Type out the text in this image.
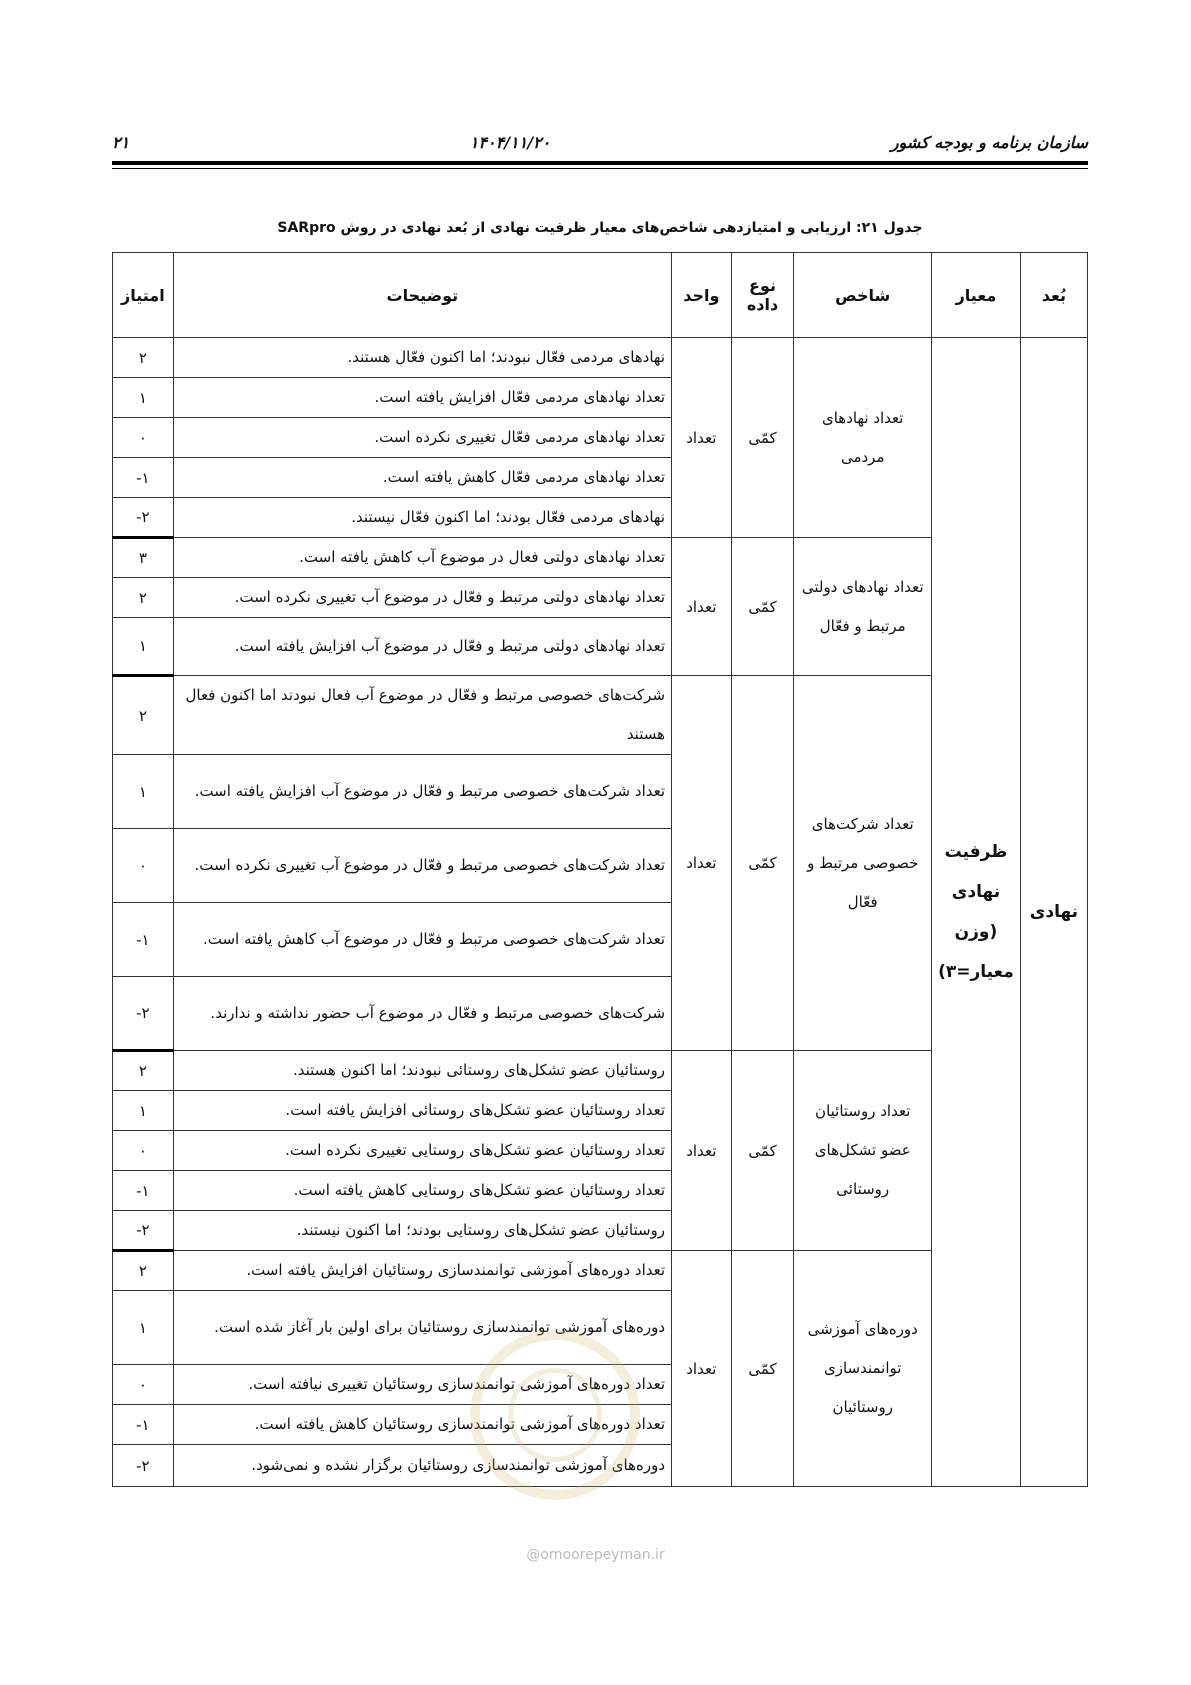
۲۱	۱۴۰۴/۱۱/۲۰	سازمان برنامه و بودجه کشور
جدول ۲۱: ارزیابی و امتیازدهی شاخص‌های معیار ظرفیت نهادی از بُعد نهادی در روش SARpro
بُعد	معیار	شاخص	نوع داده	واحد	توضیحات	امتیاز
نهادی	ظرفیت نهادی (وزن معیار=۳)	تعداد نهادهای مردمی	کمّی	تعداد	نهادهای مردمی فعّال نبودند؛ اما اکنون فعّال هستند.	۲
					تعداد نهادهای مردمی فعّال افزایش یافته است.	۱
					تعداد نهادهای مردمی فعّال تغییری نکرده است.	۰
					تعداد نهادهای مردمی فعّال کاهش یافته است.	-۱
					نهادهای مردمی فعّال بودند؛ اما اکنون فعّال نیستند.	-۲
		تعداد نهادهای دولتی مرتبط و فعّال	کمّی	تعداد	تعداد نهادهای دولتی فعال در موضوع آب کاهش یافته است.	۳
					تعداد نهادهای دولتی مرتبط و فعّال در موضوع آب تغییری نکرده است.	۲
					تعداد نهادهای دولتی مرتبط و فعّال در موضوع آب افزایش یافته است.	۱
		تعداد شرکت‌های خصوصی مرتبط و فعّال	کمّی	تعداد	شرکت‌های خصوصی مرتبط و فعّال در موضوع آب فعال نبودند اما اکنون فعال هستند	۲
					تعداد شرکت‌های خصوصی مرتبط و فعّال در موضوع آب افزایش یافته است.	۱
					تعداد شرکت‌های خصوصی مرتبط و فعّال در موضوع آب تغییری نکرده است.	۰
					تعداد شرکت‌های خصوصی مرتبط و فعّال در موضوع آب کاهش یافته است.	-۱
					شرکت‌های خصوصی مرتبط و فعّال در موضوع آب حضور نداشته و ندارند.	-۲
		تعداد روستائیان عضو تشکل‌های روستائی	کمّی	تعداد	روستائیان عضو تشکل‌های روستائی نبودند؛ اما اکنون هستند.	۲
					تعداد روستائیان عضو تشکل‌های روستائی افزایش یافته است.	۱
					تعداد روستائیان عضو تشکل‌های روستایی تغییری نکرده است.	۰
					تعداد روستائیان عضو تشکل‌های روستایی کاهش یافته است.	-۱
					روستائیان عضو تشکل‌های روستایی بودند؛ اما اکنون نیستند.	-۲
		دوره‌های آموزشی توانمندسازی روستائیان	کمّی	تعداد	تعداد دوره‌های آموزشی توانمندسازی روستائیان افزایش یافته است.	۲
					دوره‌های آموزشی توانمندسازی روستائیان برای اولین بار آغاز شده است.	۱
					تعداد دوره‌های آموزشی توانمندسازی روستائیان تغییری نیافته است.	۰
					تعداد دوره‌های آموزشی توانمندسازی روستائیان کاهش یافته است.	-۱
					دوره‌های آموزشی توانمندسازی روستائیان برگزار نشده و نمی‌شود.	-۲
@omoorepeyman.ir
